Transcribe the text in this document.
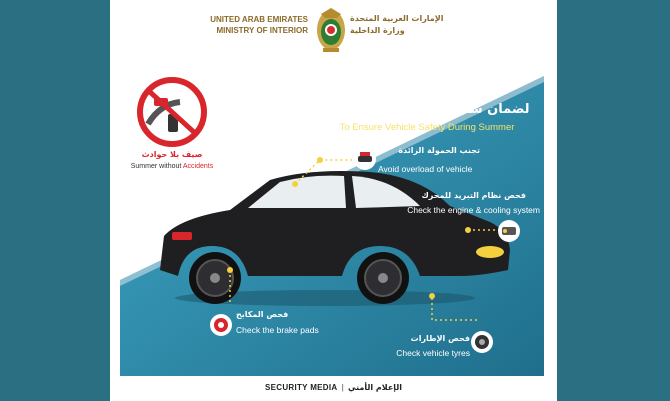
UNITED ARAB EMIRATES
MINISTRY OF INTERIOR
الإمارات العربية المتحدة
وزارة الداخلية
صيف بلا حوادث
Summer without Accidents
لضمان سلامة المركبة أثناء الصيف
To Ensure Vehicle Safety During Summer
تجنب الحمولة الزائدة
Avoid overload of vehicle
فحص نظام التبريد للمحرك
Check the engine & cooling system
فحص المكابح
Check the brake pads
فحص الإطارات
Check vehicle tyres
SECURITY MEDIA | الإعلام الأمني
